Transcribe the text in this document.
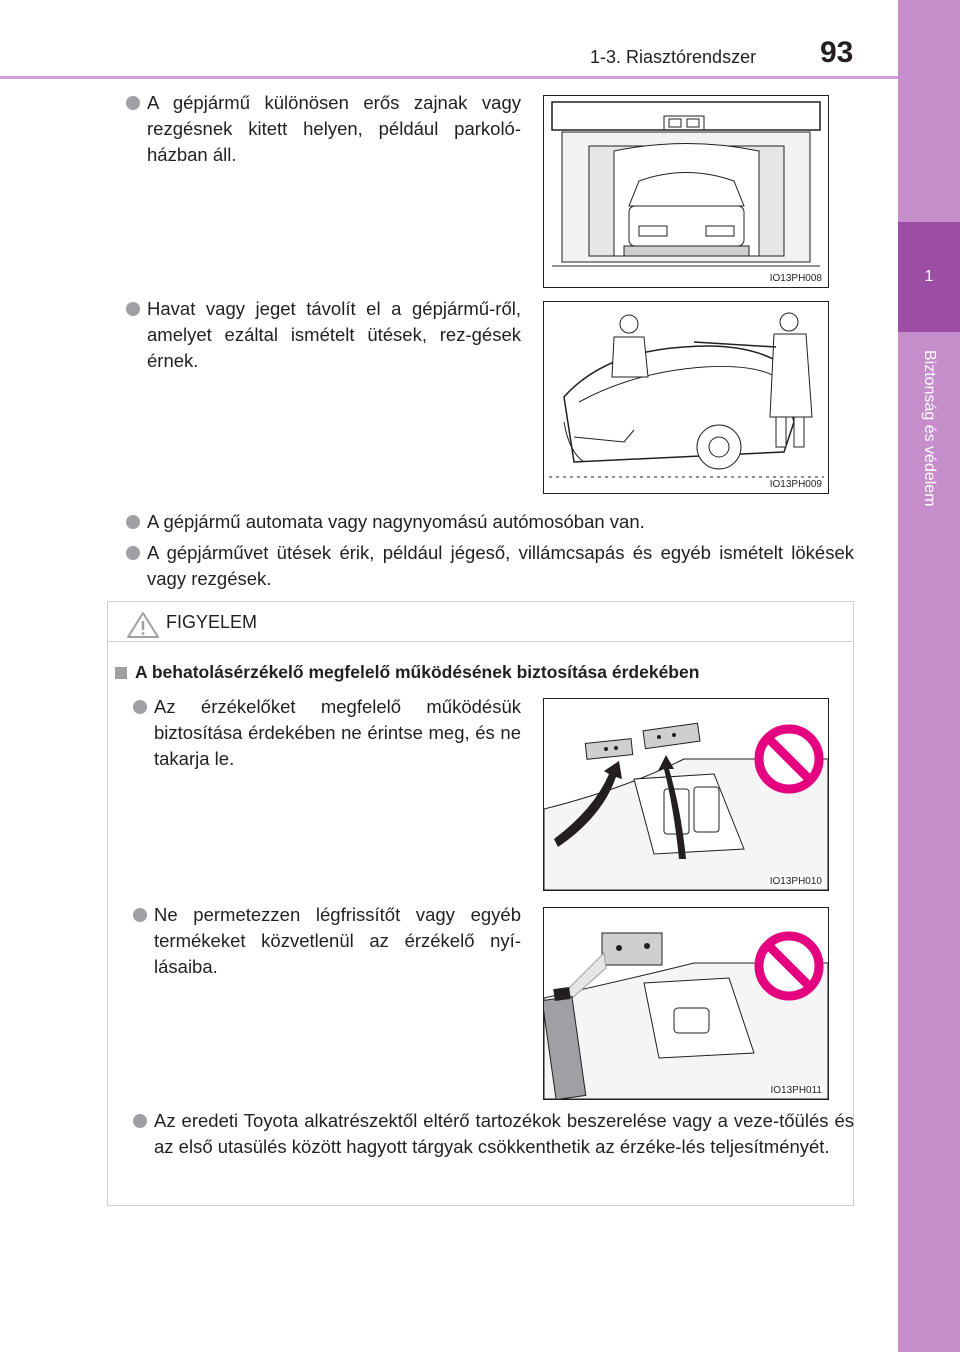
1-3. Riasztórendszer 93
1
Biztonság és védelem
A gépjármű különösen erős zajnak vagy rezgésnek kitett helyen, például parkoló-házban áll.
IO13PH008
Havat vagy jeget távolít el a gépjármű-ről, amelyet ezáltal ismételt ütések, rez-gések érnek.
IO13PH009
A gépjármű automata vagy nagynyomású autómosóban van.
A gépjárművet ütések érik, például jégeső, villámcsapás és egyéb ismételt lökések vagy rezgések.
FIGYELEM
A behatolásérzékelő megfelelő működésének biztosítása érdekében
Az érzékelőket megfelelő működésük biztosítása érdekében ne érintse meg, és ne takarja le.
IO13PH010
Ne permetezzen légfrissítőt vagy egyéb termékeket közvetlenül az érzékelő nyí-lásaiba.
IO13PH011
Az eredeti Toyota alkatrészektől eltérő tartozékok beszerelése vagy a veze-tőülés és az első utasülés között hagyott tárgyak csökkenthetik az érzéke-lés teljesítményét.
